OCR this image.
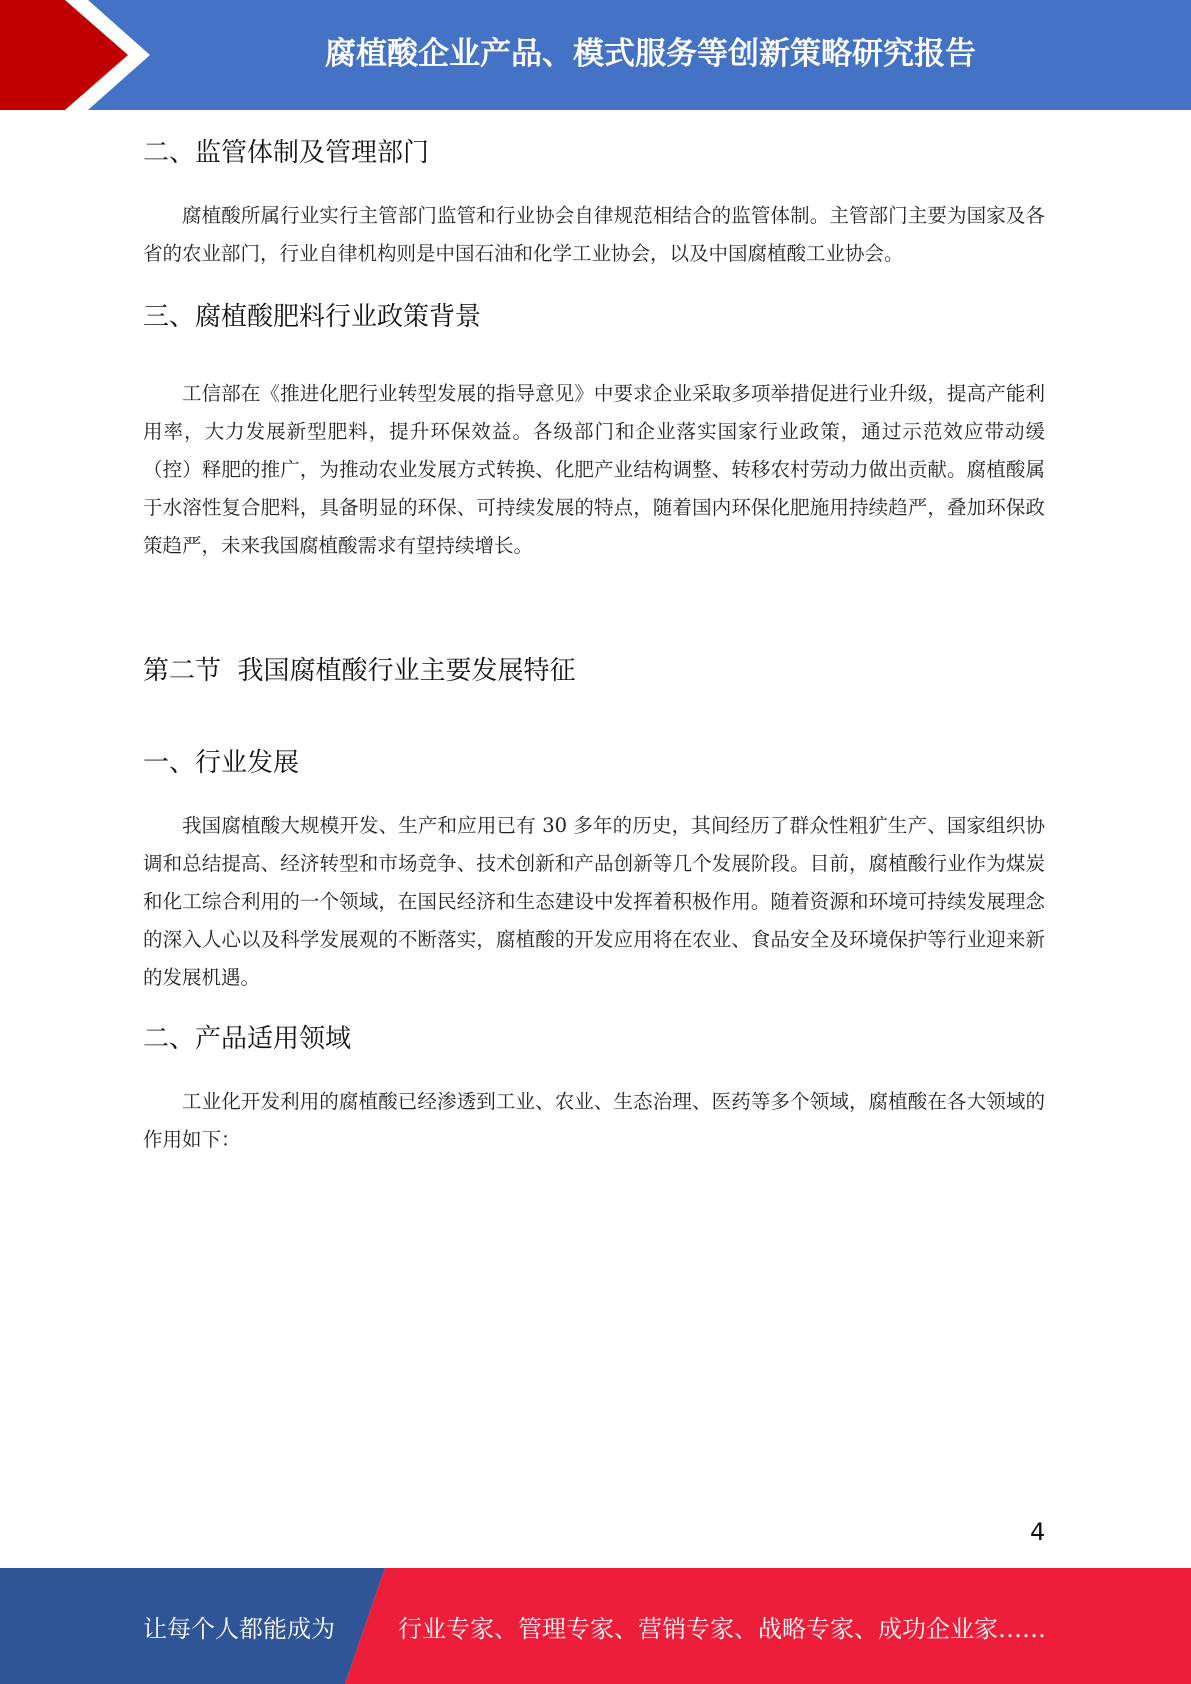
腐植酸企业产品、模式服务等创新策略研究报告
二、监管体制及管理部门

腐植酸所属行业实行主管部门监管和行业协会自律规范相结合的监管体制。主管部门主要为国家及各省的农业部门，行业自律机构则是中国石油和化学工业协会，以及中国腐植酸工业协会。

三、腐植酸肥料行业政策背景

工信部在《推进化肥行业转型发展的指导意见》中要求企业采取多项举措促进行业升级，提高产能利用率，大力发展新型肥料，提升环保效益。各级部门和企业落实国家行业政策，通过示范效应带动缓（控）释肥的推广，为推动农业发展方式转换、化肥产业结构调整、转移农村劳动力做出贡献。腐植酸属于水溶性复合肥料，具备明显的环保、可持续发展的特点，随着国内环保化肥施用持续趋严，叠加环保政策趋严，未来我国腐植酸需求有望持续增长。

第二节  我国腐植酸行业主要发展特征
一、行业发展

我国腐植酸大规模开发、生产和应用已有 30 多年的历史，其间经历了群众性粗犷生产、国家组织协调和总结提高、经济转型和市场竞争、技术创新和产品创新等几个发展阶段。目前，腐植酸行业作为煤炭和化工综合利用的一个领域，在国民经济和生态建设中发挥着积极作用。随着资源和环境可持续发展理念的深入人心以及科学发展观的不断落实，腐植酸的开发应用将在农业、食品安全及环境保护等行业迎来新的发展机遇。

二、产品适用领域

工业化开发利用的腐植酸已经渗透到工业、农业、生态治理、医药等多个领域，腐植酸在各大领域的作用如下：

4
让每个人都能成为	行业专家、管理专家、营销专家、战略专家、成功企业家……
